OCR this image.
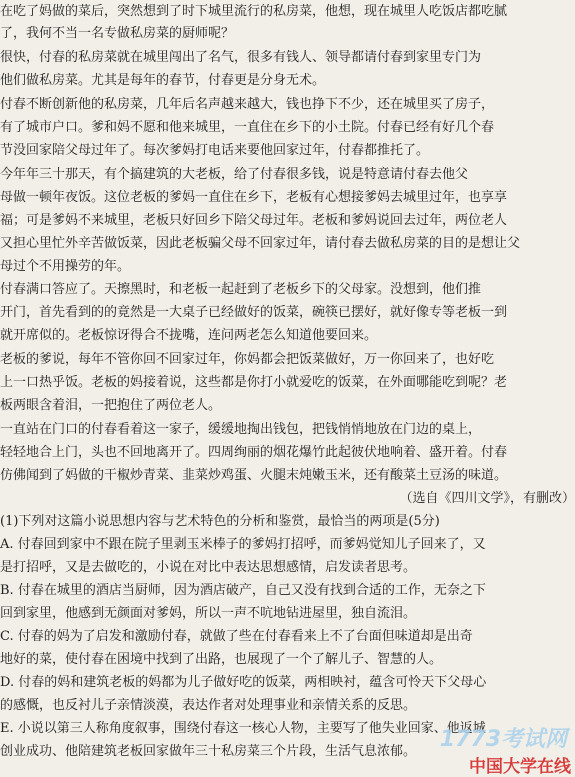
在吃了妈做的菜后，突然想到了时下城里流行的私房菜，他想，现在城里人吃饭店都吃腻
了，我何不当一名专做私房菜的厨师呢？
很快，付春的私房菜就在城里闯出了名气，很多有钱人、领导都请付春到家里专门为
他们做私房菜。尤其是每年的春节，付春更是分身无术。
付春不断创新他的私房菜，几年后名声越来越大，钱也挣下不少，还在城里买了房子，
有了城市户口。爹和妈不愿和他来城里，一直住在乡下的小土院。付春已经有好几个春
节没回家陪父母过年了。每次爹妈打电话来要他回家过年，付春都推托了。
今年年三十那天，有个搞建筑的大老板，给了付春很多钱，说是特意请付春去他父
母做一顿年夜饭。这位老板的爹妈一直住在乡下，老板有心想接爹妈去城里过年，也享享
福；可是爹妈不来城里，老板只好回乡下陪父母过年。老板和爹妈说回去过年，两位老人
又担心里忙外辛苦做饭菜，因此老板骗父母不回家过年，请付春去做私房菜的目的是想让父
母过个不用操劳的年。
付春满口答应了。天擦黑时，和老板一起赶到了老板乡下的父母家。没想到，他们推
开门，首先看到的的竟然是一大桌子已经做好的饭菜，碗筷已摆好，就好像专等老板一到
就开席似的。老板惊讶得合不拢嘴，连问两老怎么知道他要回来。
老板的爹说，每年不管你回不回家过年，你妈都会把饭菜做好，万一你回来了，也好吃
上一口热乎饭。老板的妈接着说，这些都是你打小就爱吃的饭菜，在外面哪能吃到呢？老
板两眼含着泪，一把抱住了两位老人。
一直站在门口的付春看着这一家子，缓缓地掏出钱包，把钱悄悄地放在门边的桌上，
轻轻地合上门，头也不回地离开了。四周绚丽的烟花爆竹此起彼伏地响着、盛开着。付春
仿佛闻到了妈做的干椒炒青菜、韭菜炒鸡蛋、火腿末炖嫩玉米，还有酸菜土豆汤的味道。
（选自《四川文学》，有删改）
(1)下列对这篇小说思想内容与艺术特色的分析和鉴赏，最恰当的两项是(5分)
A. 付春回到家中不跟在院子里剥玉米棒子的爹妈打招呼，而爹妈觉知儿子回来了，又
是打招呼，又是去做吃的，小说在对比中表达思想感情，启发读者思考。
B. 付春在城里的酒店当厨师，因为酒店破产，自己又没有找到合适的工作，无奈之下
回到家里，他感到无颜面对爹妈，所以一声不吭地钻进屋里，独自流泪。
C. 付春的妈为了启发和激励付春，就做了些在付春看来上不了台面但味道却是出奇
地好的菜，使付春在困境中找到了出路，也展现了一个了解儿子、智慧的人。
D. 付春的妈和建筑老板的妈都为儿子做好吃的饭菜，两相映衬，蕴含可怜天下父母心
的感慨，也反衬儿子亲情淡漠，表达作者对处理事业和亲情关系的反思。
E. 小说以第三人称角度叙事，围绕付春这一核心人物，主要写了他失业回家、他返城
创业成功、他陪建筑老板回家做年三十私房菜三个片段，生活气息浓郁。	1773考试网
中国大学在线
